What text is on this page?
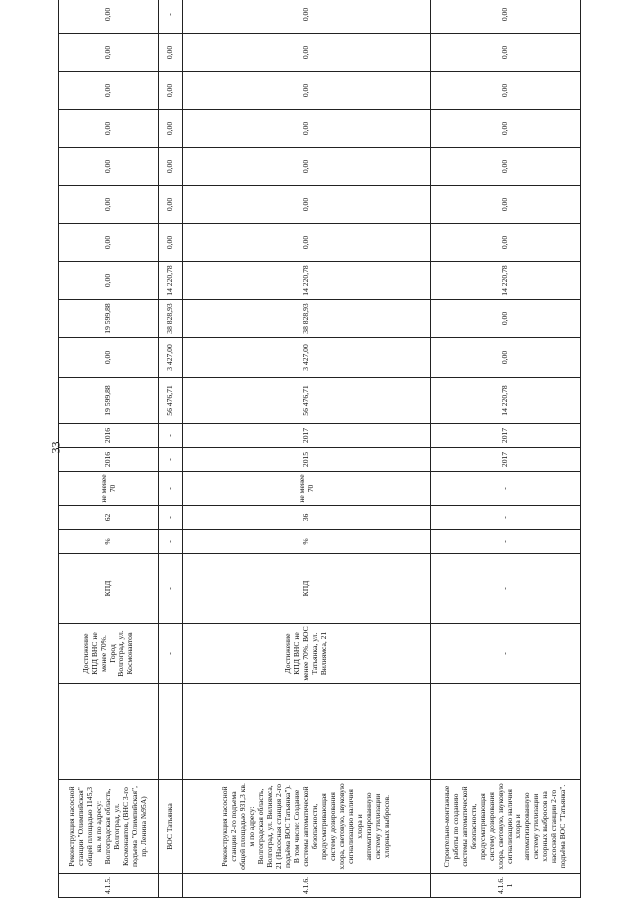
33
4.1.5.	Реконструкция насосной станции "Олимпийская" общей площадью 1145,3 кв. м по адресу: Волгоградская область, Волгоград, ул. Космонавтов, (ВНС 3-го подъема "Олимпийская", пр. Ленина №95А)		Достижение КПД ВНС не менее 70%. Город Волгоград, ул. Космонавтов	КПД	%	62	не менее 70	2016	2016	19 599,88	0,00	19 599,88	0,00	0,00	0,00	0,00	0,00	0,00	0,00	0,00
	ВОС Татьянка		-	-	-	-	-	-	-	56 476,71	3 427,00	38 828,93	14 220,78	0,00	0,00	0,00	0,00	0,00	0,00	-
4.1.6.	Реконструкция насосной станции 2-го подъема общей площадью 931,3 кв. м по адресу: Волгоградская область, Волгоград, ул. Вилиямса, 21 (Насосная станция 2-го подъёма ВОС Татьянка"). В том числе: Создание системы автоматической безопасности, предусматривающая систему дозирования хлора, световую, звуковую сигнализацию наличия хлора и автоматизированную систему утилизации хлорных выбросов.		Достижение КПД ВНС не менее 70%. ВОС Татьянка, ул. Вилиямса, 21	КПД	%	36	не менее 70	2015	2017	56 476,71	3 427,00	38 828,93	14 220,78	0,00	0,00	0,00	0,00	0,00	0,00	0,00
4.1.6.1	Строительно-монтажные работы по созданию системы автоматической безопасности, предусматривающая систему дозирования хлора, световую, звуковую сигнализацию наличия хлора и автоматизированную систему утилизации хлорных выбросов на насосной станции 2-го подъёма ВОС "Татьянка".		-	-	-	-	-	2017	2017	14 220,78	0,00	0,00	14 220,78	0,00	0,00	0,00	0,00	0,00	0,00	0,00
